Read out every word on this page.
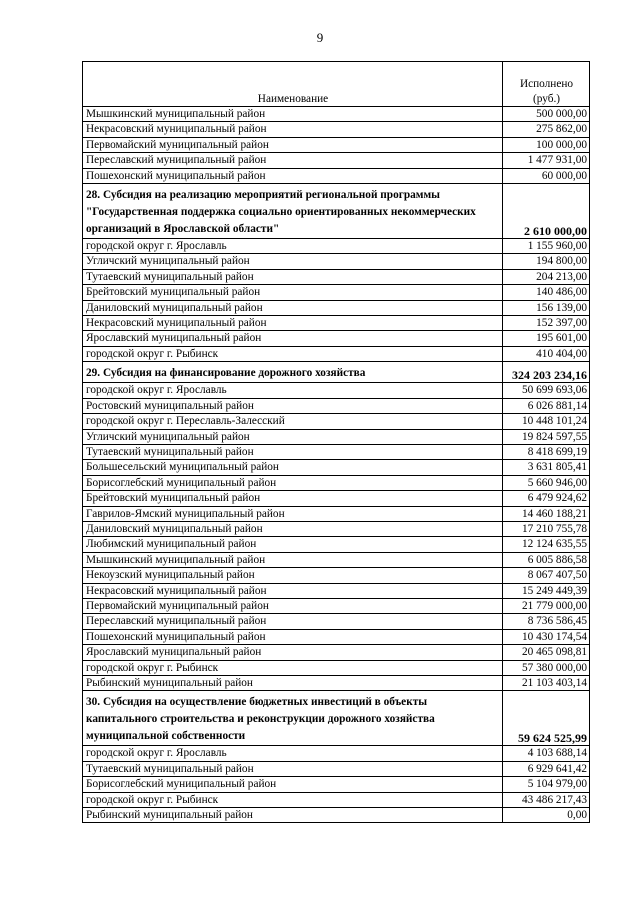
9
Наименование	Исполнено
(руб.)
Мышкинский муниципальный район	500 000,00
Некрасовский муниципальный район	275 862,00
Первомайский муниципальный район	100 000,00
Переславский муниципальный район	1 477 931,00
Пошехонский муниципальный район	60 000,00
28. Субсидия на реализацию мероприятий региональной программы "Государственная поддержка социально ориентированных некоммерческих организаций в Ярославской области"	2 610 000,00
городской округ г. Ярославль	1 155 960,00
Угличский муниципальный район	194 800,00
Тутаевский муниципальный район	204 213,00
Брейтовский муниципальный район	140 486,00
Даниловский муниципальный район	156 139,00
Некрасовский муниципальный район	152 397,00
Ярославский муниципальный район	195 601,00
городской округ г. Рыбинск	410 404,00
29. Субсидия на финансирование дорожного хозяйства	324 203 234,16
городской округ г. Ярославль	50 699 693,06
Ростовский муниципальный район	6 026 881,14
городской округ г. Переславль-Залесский	10 448 101,24
Угличский муниципальный район	19 824 597,55
Тутаевский муниципальный район	8 418 699,19
Большесельский муниципальный район	3 631 805,41
Борисоглебский муниципальный район	5 660 946,00
Брейтовский муниципальный район	6 479 924,62
Гаврилов-Ямский муниципальный район	14 460 188,21
Даниловский муниципальный район	17 210 755,78
Любимский муниципальный район	12 124 635,55
Мышкинский муниципальный район	6 005 886,58
Некоузский муниципальный район	8 067 407,50
Некрасовский муниципальный район	15 249 449,39
Первомайский муниципальный район	21 779 000,00
Переславский муниципальный район	8 736 586,45
Пошехонский муниципальный район	10 430 174,54
Ярославский муниципальный район	20 465 098,81
городской округ г. Рыбинск	57 380 000,00
Рыбинский муниципальный район	21 103 403,14
30. Субсидия на осуществление бюджетных инвестиций в объекты капитального строительства и реконструкции дорожного хозяйства муниципальной собственности	59 624 525,99
городской округ г. Ярославль	4 103 688,14
Тутаевский муниципальный район	6 929 641,42
Борисоглебский муниципальный район	5 104 979,00
городской округ г. Рыбинск	43 486 217,43
Рыбинский муниципальный район	0,00
